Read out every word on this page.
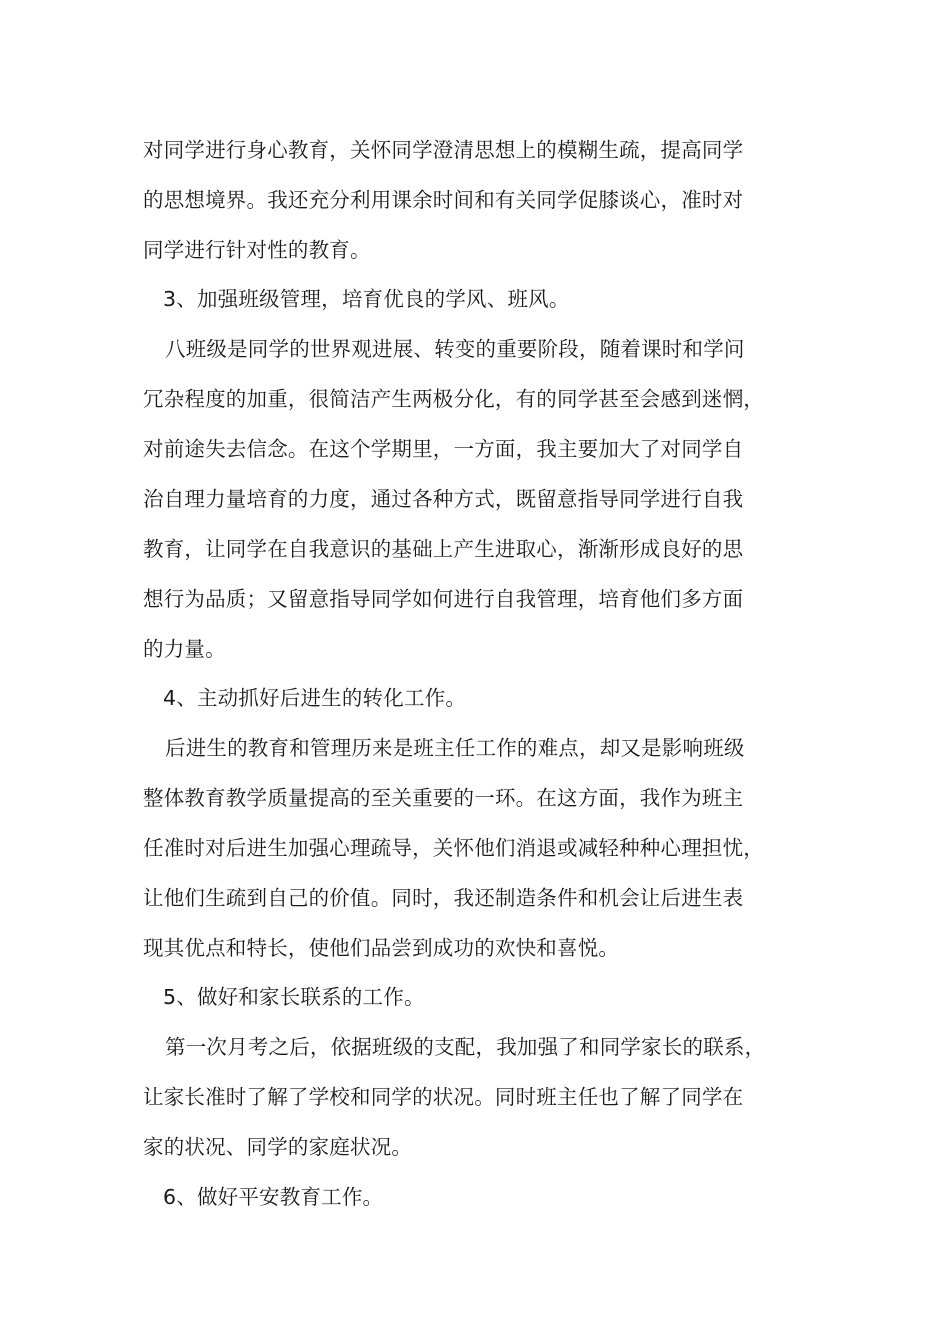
对同学进行身心教育，关怀同学澄清思想上的模糊生疏，提高同学
的思想境界。我还充分利用课余时间和有关同学促膝谈心，准时对
同学进行针对性的教育。
3、加强班级管理，培育优良的学风、班风。
八班级是同学的世界观进展、转变的重要阶段，随着课时和学问
冗杂程度的加重，很简洁产生两极分化，有的同学甚至会感到迷惘，
对前途失去信念。在这个学期里，一方面，我主要加大了对同学自
治自理力量培育的力度，通过各种方式，既留意指导同学进行自我
教育，让同学在自我意识的基础上产生进取心，渐渐形成良好的思
想行为品质；又留意指导同学如何进行自我管理，培育他们多方面
的力量。
4、主动抓好后进生的转化工作。
后进生的教育和管理历来是班主任工作的难点，却又是影响班级
整体教育教学质量提高的至关重要的一环。在这方面，我作为班主
任准时对后进生加强心理疏导，关怀他们消退或减轻种种心理担忧，
让他们生疏到自己的价值。同时，我还制造条件和机会让后进生表
现其优点和特长，使他们品尝到成功的欢快和喜悦。
5、做好和家长联系的工作。
第一次月考之后，依据班级的支配，我加强了和同学家长的联系，
让家长准时了解了学校和同学的状况。同时班主任也了解了同学在
家的状况、同学的家庭状况。
6、做好平安教育工作。
